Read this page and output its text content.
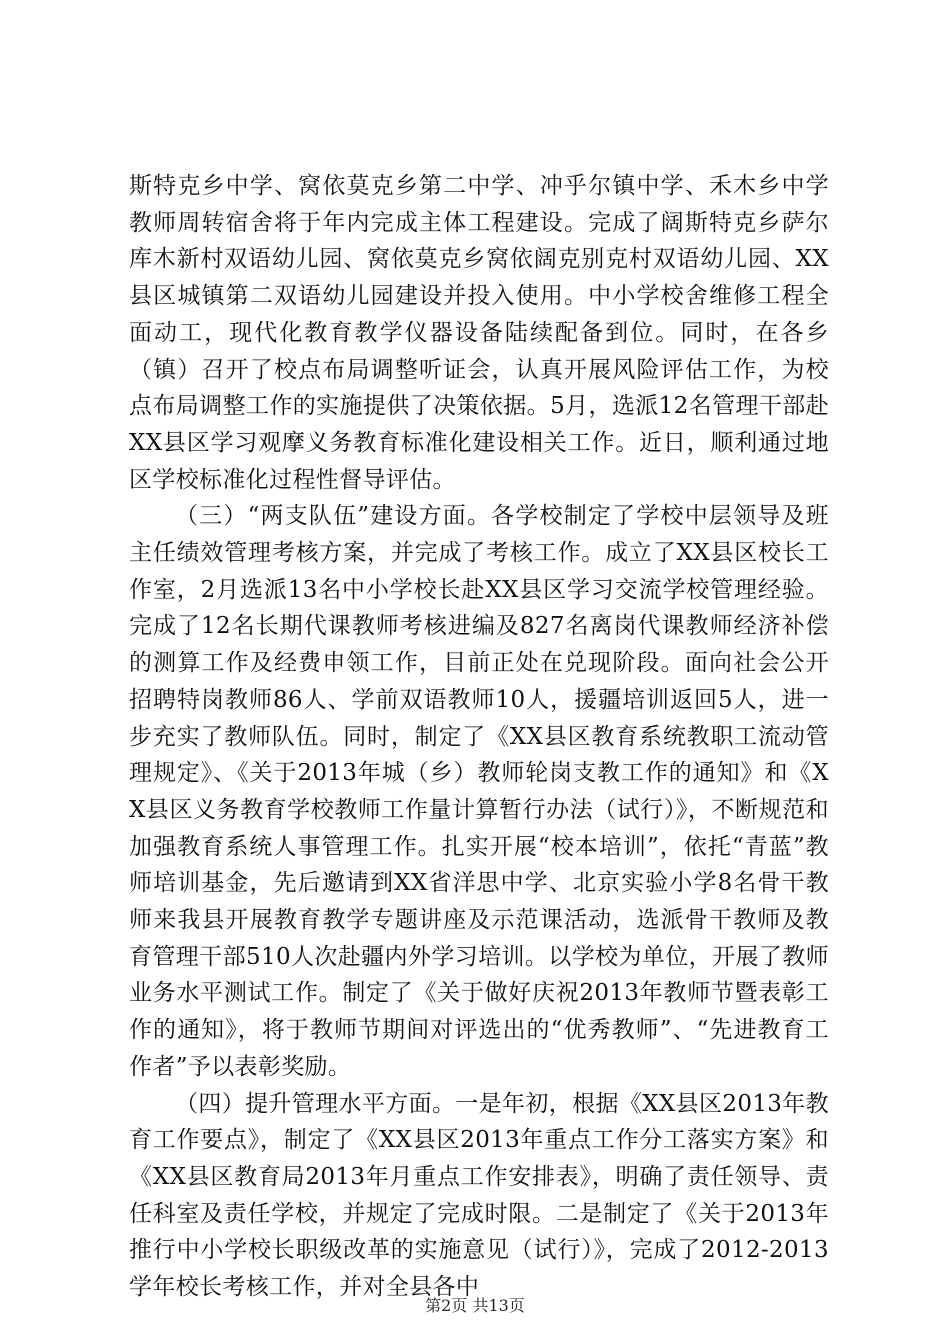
斯特克乡中学、窝依莫克乡第二中学、冲乎尔镇中学、禾木乡中学教师周转宿舍将于年内完成主体工程建设。完成了阔斯特克乡萨尔库木新村双语幼儿园、窝依莫克乡窝依阔克别克村双语幼儿园、XX县区城镇第二双语幼儿园建设并投入使用。中小学校舍维修工程全面动工，现代化教育教学仪器设备陆续配备到位。同时，在各乡（镇）召开了校点布局调整听证会，认真开展风险评估工作，为校点布局调整工作的实施提供了决策依据。5月，选派12名管理干部赴XX县区学习观摩义务教育标准化建设相关工作。近日，顺利通过地区学校标准化过程性督导评估。

（三）“两支队伍”建设方面。各学校制定了学校中层领导及班主任绩效管理考核方案，并完成了考核工作。成立了XX县区校长工作室，2月选派13名中小学校长赴XX县区学习交流学校管理经验。完成了12名长期代课教师考核进编及827名离岗代课教师经济补偿的测算工作及经费申领工作，目前正处在兑现阶段。面向社会公开招聘特岗教师86人、学前双语教师10人，援疆培训返回5人，进一步充实了教师队伍。同时，制定了《XX县区教育系统教职工流动管理规定》、《关于2013年城（乡）教师轮岗支教工作的通知》和《XX县区义务教育学校教师工作量计算暂行办法（试行）》，不断规范和加强教育系统人事管理工作。扎实开展“校本培训”，依托“青蓝”教师培训基金，先后邀请到XX省洋思中学、北京实验小学8名骨干教师来我县开展教育教学专题讲座及示范课活动，选派骨干教师及教育管理干部510人次赴疆内外学习培训。以学校为单位，开展了教师业务水平测试工作。制定了《关于做好庆祝2013年教师节暨表彰工作的通知》，将于教师节期间对评选出的“优秀教师”、“先进教育工作者”予以表彰奖励。

（四）提升管理水平方面。一是年初，根据《XX县区2013年教育工作要点》，制定了《XX县区2013年重点工作分工落实方案》和《XX县区教育局2013年月重点工作安排表》，明确了责任领导、责任科室及责任学校，并规定了完成时限。二是制定了《关于2013年推行中小学校长职级改革的实施意见（试行）》，完成了2012-2013学年校长考核工作，并对全县各中

第2页 共13页
